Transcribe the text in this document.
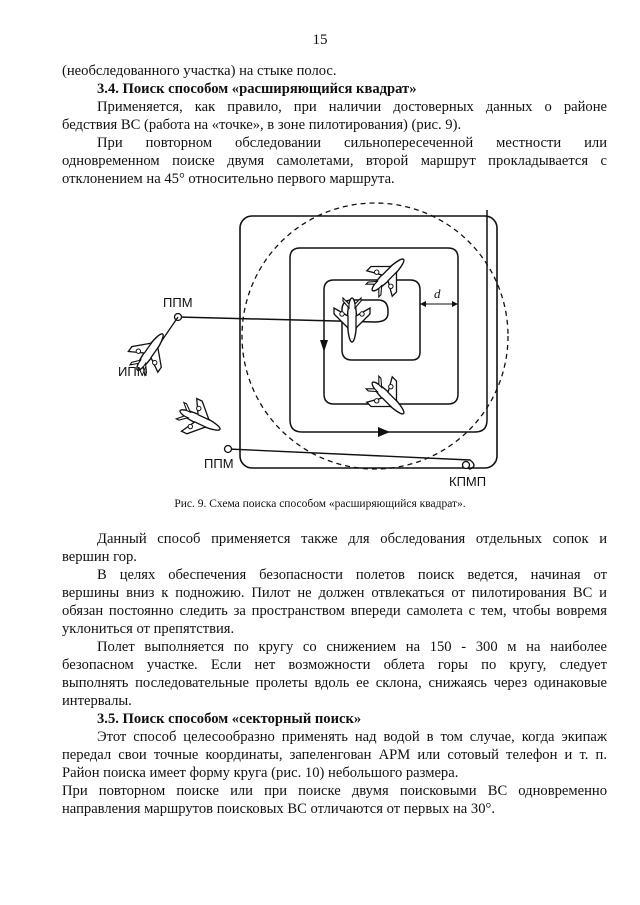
15
(необследованного участка) на стыке полос.
3.4. Поиск способом «расширяющийся квадрат»
Применяется, как правило, при наличии достоверных данных о районе
бедствия ВС (работа на «точке», в зоне пилотирования) (рис. 9).
При повторном обследовании сильнопересеченной местности или
одновременном поиске двумя самолетами, второй маршрут прокладывается с
отклонением на 45° относительно первого маршрута.
d
ППМ
ИПМ
ППМ
КПМП
Рис. 9. Схема поиска способом «расширяющийся квадрат».
Данный способ применяется также для обследования отдельных сопок и
вершин гор.
В целях обеспечения безопасности полетов поиск ведется, начиная от
вершины вниз к подножию. Пилот не должен отвлекаться от пилотирования ВС и
обязан постоянно следить за пространством впереди самолета с тем, чтобы вовремя
уклониться от препятствия.
Полет выполняется по кругу со снижением на 150 - 300 м на наиболее
безопасном участке. Если нет возможности облета горы по кругу, следует
выполнять последовательные пролеты вдоль ее склона, снижаясь через одинаковые
интервалы.
3.5. Поиск способом «секторный поиск»
Этот способ целесообразно применять над водой в том случае, когда экипаж
передал свои точные координаты, запеленгован АРМ или сотовый телефон и т. п.
Район поиска имеет форму круга (рис. 10) небольшого размера.
При повторном поиске или при поиске двумя поисковыми ВС одновременно
направления маршрутов поисковых ВС отличаются от первых на 30°.
